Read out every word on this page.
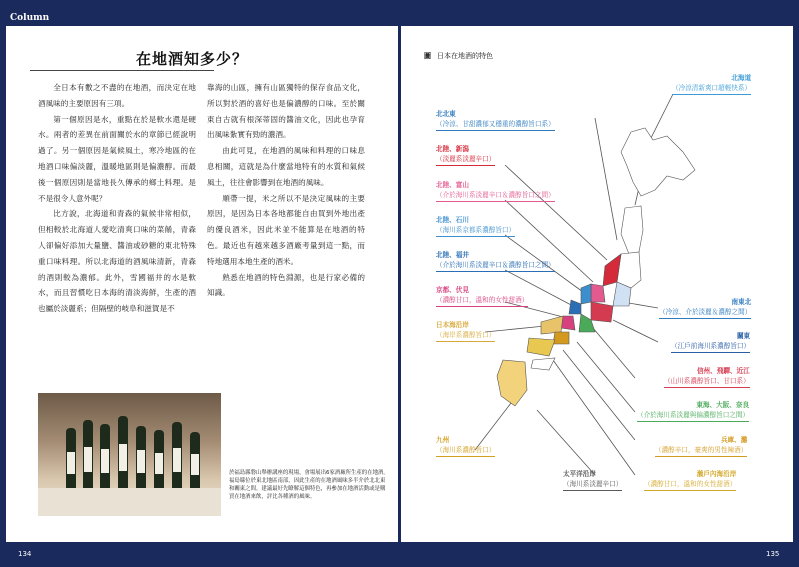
Column
在地酒知多少？

全日本有數之不盡的在地酒，而決定在地酒風味的主要原因有三項。

第一個原因是水，重點在於是軟水還是硬水。兩者的差異在前面關於水的章節已經說明過了。另一個原因是氣候風土，寒冷地區的在地酒口味偏淡麗，溫暖地區則是偏濃醇。而最後一個原因則是當地長久傳承的鄉土料理。是不是很令人意外呢？

比方說，北海道和青森的氣候非常相似，但相較於北海道人愛吃清爽口味的菜餚，青森人卻偏好添加大量鹽、醬油或砂糖的東北特殊重口味料理。所以北海道的酒風味清新，青森的酒則較為濃郁。此外，雪國福井的水是軟水，而且習慣吃日本海的清淡海鮮，生產的酒也屬於淡麗系；但隔壁的岐阜和滋賀是不

靠海的山區，擁有山區獨特的保存食品文化，所以對於酒的喜好也是偏濃醇的口味。至於關東自古就有根深蒂固的醬油文化，因此也孕育出風味紮實有勁的濃酒。

由此可見，在地酒的風味和料理的口味息息相關，這就是為什麼當地特有的水質和氣候風土，往往會影響到在地酒的風味。

順帶一提，米之所以不是決定風味的主要原因，是因為日本各地都能自由買到外地出產的優良酒米，因此米並不能算是在地酒的特色。最近也有越來越多酒廠考量到這一點，而特地選用本地生產的酒米。

熟悉在地酒的特色淵源，也是行家必備的知識。

於福島縣磐山舉辦講座的現場，會場展出6家酒廠所生產的在地酒。福島縣位於東北地區南部，因此生產的在地酒風味多半介於北北東和關東之間。建議最好先瞭解這個特色，再參加在地酒活動或是購買在地酒來飲，評比各種酒的風味。
圖 日本在地酒的特色
北海道
（冷涼清新爽口超輕快系）
北北東
（冷涼、甘甜濃郁又穩重的濃醇旨口系）
北陸、新潟
（淡麗系淡麗辛口）
北陸、富山
（介於海川系淡麗辛口＆濃醇旨口之間）
北陸、石川
（海川系京都系濃醇旨口）
北陸、福井
（介於海川系淡麗辛口＆濃醇旨口之間）
京都、伏見
（濃醇甘口，溫和的女性甜酒）
日本海沿岸
（海岸系濃醇旨口）
南東北
（冷涼、介於淡麗＆濃醇之間）
關東
（江戶前海川系濃醇旨口）
信州、飛驒、近江
（山川系濃醇旨口、甘口系）
東海、大阪、奈良
（介於海川系淡麗與偏濃醇旨口之間）
兵庫、灘
（濃醇辛口，豪爽的男性辣酒）
瀨戶內海沿岸
（濃醇甘口，溫和的女性甜酒）
九州
（海川系濃醇旨口）
太平洋沿岸
（海川系淡麗辛口）
134	135
